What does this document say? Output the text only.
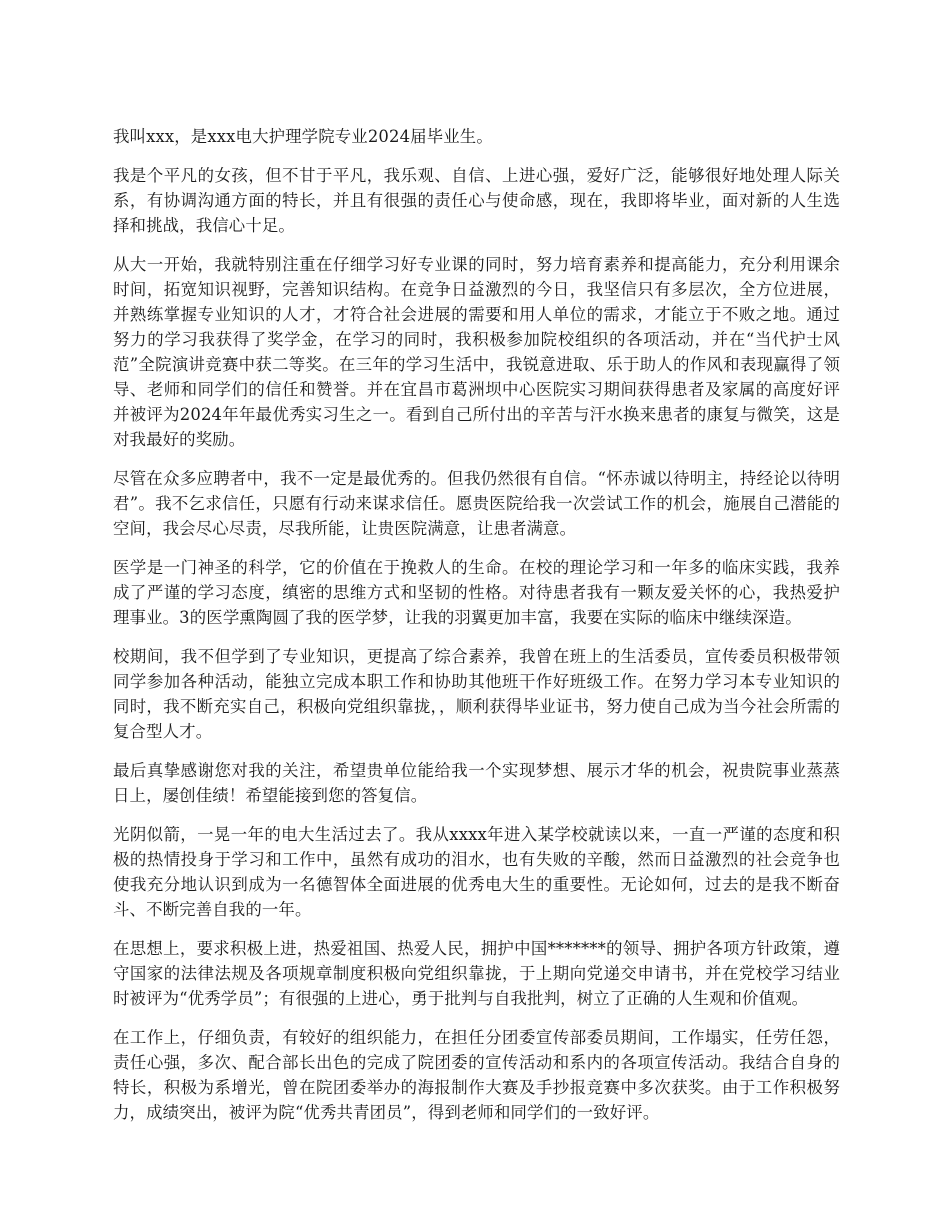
我叫xxx，是xxx电大护理学院专业2024届毕业生。

我是个平凡的女孩，但不甘于平凡，我乐观、自信、上进心强，爱好广泛，能够很好地处理人际关系，有协调沟通方面的特长，并且有很强的责任心与使命感，现在，我即将毕业，面对新的人生选择和挑战，我信心十足。

从大一开始，我就特别注重在仔细学习好专业课的同时，努力培育素养和提高能力，充分利用课余时间，拓宽知识视野，完善知识结构。在竞争日益激烈的今日，我坚信只有多层次，全方位进展，并熟练掌握专业知识的人才，才符合社会进展的需要和用人单位的需求，才能立于不败之地。通过努力的学习我获得了奖学金，在学习的同时，我积极参加院校组织的各项活动，并在“当代护士风范”全院演讲竞赛中获二等奖。在三年的学习生活中，我锐意进取、乐于助人的作风和表现赢得了领导、老师和同学们的信任和赞誉。并在宜昌市葛洲坝中心医院实习期间获得患者及家属的高度好评并被评为2024年年最优秀实习生之一。看到自己所付出的辛苦与汗水换来患者的康复与微笑，这是对我最好的奖励。

尽管在众多应聘者中，我不一定是最优秀的。但我仍然很有自信。“怀赤诚以待明主，持经论以待明君”。我不乞求信任，只愿有行动来谋求信任。愿贵医院给我一次尝试工作的机会，施展自己潜能的空间，我会尽心尽责，尽我所能，让贵医院满意，让患者满意。

医学是一门神圣的科学，它的价值在于挽救人的生命。在校的理论学习和一年多的临床实践，我养成了严谨的学习态度，缜密的思维方式和坚韧的性格。对待患者我有一颗友爱关怀的心，我热爱护理事业。3的医学熏陶圆了我的医学梦，让我的羽翼更加丰富，我要在实际的临床中继续深造。

校期间，我不但学到了专业知识，更提高了综合素养，我曾在班上的生活委员，宣传委员积极带领同学参加各种活动，能独立完成本职工作和协助其他班干作好班级工作。在努力学习本专业知识的同时，我不断充实自己，积极向党组织靠拢，，顺利获得毕业证书，努力使自己成为当今社会所需的复合型人才。

最后真挚感谢您对我的关注，希望贵单位能给我一个实现梦想、展示才华的机会，祝贵院事业蒸蒸日上，屡创佳绩！希望能接到您的答复信。

光阴似箭，一晃一年的电大生活过去了。我从xxxx年进入某学校就读以来，一直一严谨的态度和积极的热情投身于学习和工作中，虽然有成功的泪水，也有失败的辛酸，然而日益激烈的社会竞争也使我充分地认识到成为一名德智体全面进展的优秀电大生的重要性。无论如何，过去的是我不断奋斗、不断完善自我的一年。

在思想上，要求积极上进，热爱祖国、热爱人民，拥护中国*******的领导、拥护各项方针政策，遵守国家的法律法规及各项规章制度积极向党组织靠拢，于上期向党递交申请书，并在党校学习结业时被评为“优秀学员”；有很强的上进心，勇于批判与自我批判，树立了正确的人生观和价值观。

在工作上，仔细负责，有较好的组织能力，在担任分团委宣传部委员期间，工作塌实，任劳任怨，责任心强，多次、配合部长出色的完成了院团委的宣传活动和系内的各项宣传活动。我结合自身的特长，积极为系增光，曾在院团委举办的海报制作大赛及手抄报竞赛中多次获奖。由于工作积极努力，成绩突出，被评为院“优秀共青团员”，得到老师和同学们的一致好评。
